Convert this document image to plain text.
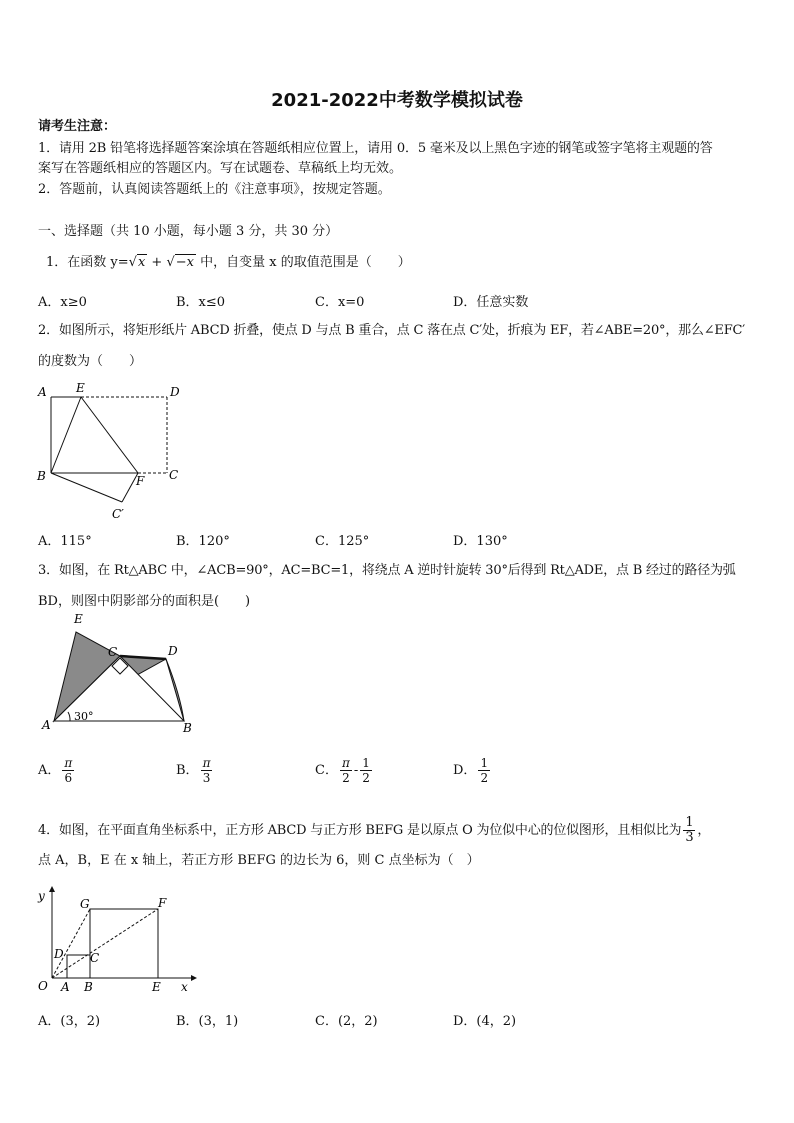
2021-2022中考数学模拟试卷
请考生注意：
1．请用 2B 铅笔将选择题答案涂填在答题纸相应位置上，请用 0．5 毫米及以上黑色字迹的钢笔或签字笔将主观题的答
案写在答题纸相应的答题区内。写在试题卷、草稿纸上均无效。
2．答题前，认真阅读答题纸上的《注意事项》，按规定答题。
一、选择题（共 10 小题，每小题 3 分，共 30 分）
1．在函数 y=√x + √−x 中，自变量 x 的取值范围是（　　）
A．x≥0	B．x≤0	C．x=0	D．任意实数
2．如图所示，将矩形纸片 ABCD 折叠，使点 D 与点 B 重合，点 C 落在点 C′处，折痕为 EF，若∠ABE=20°，那么∠EFC′
的度数为（　　）
A E	D
B	C
F
C′
A．115°	B．120°	C．125°	D．130°
3．如图，在 Rt△ABC 中，∠ACB=90°，AC=BC=1，将绕点 A 逆时针旋转 30°后得到 Rt△ADE，点 B 经过的路径为弧
BD，则图中阴影部分的面积是(　　)
E
C	D
A	B
30°
A． $\frac{\pi}{6}$	B． $\frac{\pi}{3}$	C． $\frac{\pi}{2} - \frac{1}{2}$	D． $\frac{1}{2}$
4．如图，在平面直角坐标系中，正方形 ABCD 与正方形 BEFG 是以原点 O 为位似中心的位似图形，且相似比为 $\frac{1}{3}$ ，
点 A，B，E 在 x 轴上，若正方形 BEFG 的边长为 6，则 C 点坐标为（　）
y
G	F
D C
O A B	E x
A．(3，2)	B．(3，1)	C．(2，2)	D．(4，2)
